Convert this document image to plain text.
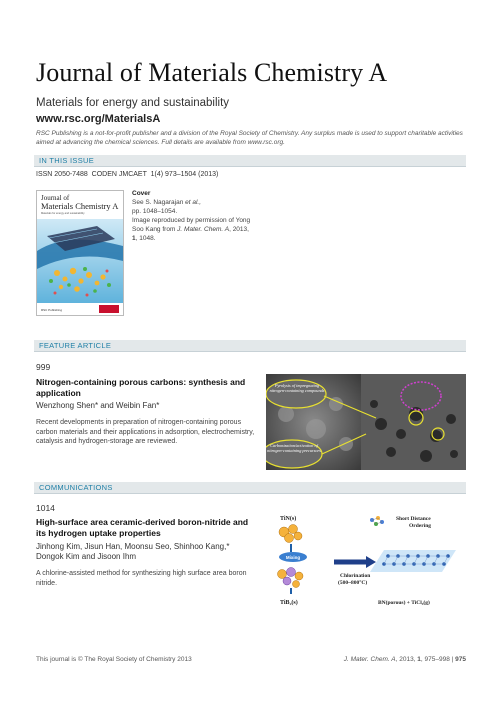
Journal of Materials Chemistry A
Materials for energy and sustainability
www.rsc.org/MaterialsA
RSC Publishing is a not-for-profit publisher and a division of the Royal Society of Chemistry. Any surplus made is used to support charitable activities aimed at advancing the chemical sciences. Full details are available from www.rsc.org.
IN THIS ISSUE
ISSN 2050-7488  CODEN JMCAET  1(4) 973–1504 (2013)
Journal of
Materials Chemistry A
Materials for energy and sustainability
RSC Publishing
Cover
See S. Nagarajan et al.,
pp. 1048–1054.
Image reproduced by permission of Yong Soo Kang from J. Mater. Chem. A, 2013, 1, 1048.
FEATURE ARTICLE
999
Nitrogen-containing porous carbons: synthesis and application
Wenzhong Shen* and Weibin Fan*
Recent developments in preparation of nitrogen-containing porous carbon materials and their applications in adsorption, electrochemistry, catalysis and hydrogen-storage are reviewed.
Pyrolysis of impregnating nitrogen-containing compounds
Carbonization/activation of nitrogen-containing precursors
COMMUNICATIONS
1014
High-surface area ceramic-derived boron-nitride and its hydrogen uptake properties
Jinhong Kim, Jisun Han, Moonsu Seo, Shinhoo Kang,* Dongok Kim and Jisoon Ihm
A chlorine-assisted method for synthesizing high surface area boron nitride.
TiN(s)
Mixing
TiB₂(s)
Chlorination
(500~800°C)
Short Distance
Ordering
BN(porous) + TiCl₄(g)
This journal is © The Royal Society of Chemistry 2013	J. Mater. Chem. A, 2013, 1, 975–998 | 975
